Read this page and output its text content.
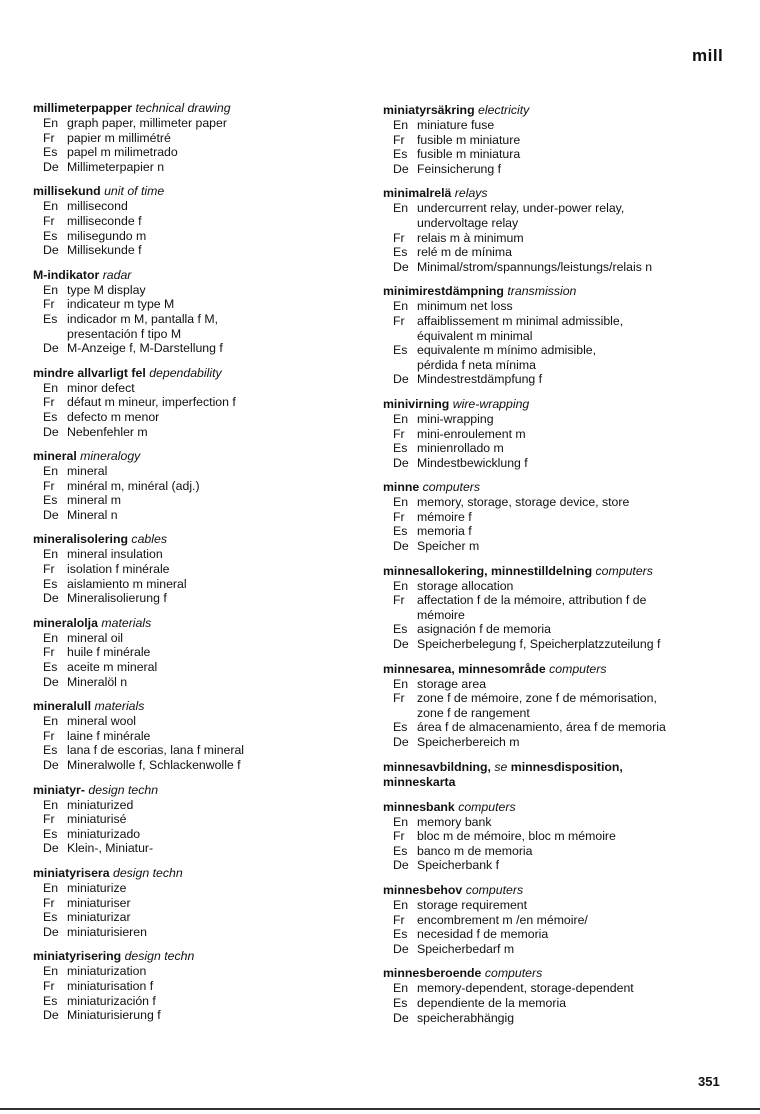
mill
millimeterpapper technical drawing
En graph paper, millimeter paper
Fr	papier m millimétré
Es papel m milimetrado
De Millimeterpapier n
millisekund unit of time
En millisecond
Fr	milliseconde f
Es milisegundo m
De Millisekunde f
M-indikator radar
En type M display
Fr	indicateur m type M
Es indicador m M, pantalla f M,
presentación f tipo M
De M-Anzeige f, M-Darstellung f
mindre allvarligt fel dependability
En minor defect
Fr	défaut m mineur, imperfection f
Es defecto m menor
De Nebenfehler m
mineral mineralogy
En mineral
Fr	minéral m, minéral (adj.)
Es mineral m
De Mineral n
mineralisolering cables
En mineral insulation
Fr	isolation f minérale
Es aislamiento m mineral
De Mineralisolierung f
mineralolja materials
En mineral oil
Fr	huile f minérale
Es aceite m mineral
De Mineralöl n
mineralull materials
En mineral wool
Fr	laine f minérale
Es lana f de escorias, lana f mineral
De Mineralwolle f, Schlackenwolle f
miniatyr- design techn
En miniaturized
Fr	miniaturisé
Es miniaturizado
De Klein-, Miniatur-
miniatyrisera design techn
En miniaturize
Fr	miniaturiser
Es miniaturizar
De miniaturisieren
miniatyrisering design techn
En miniaturization
Fr	miniaturisation f
Es miniaturización f
De Miniaturisierung f
miniatyrsäkring electricity
En miniature fuse
Fr	fusible m miniature
Es fusible m miniatura
De Feinsicherung f
minimalrelä relays
En undercurrent relay, under-power relay,
undervoltage relay
Fr	relais m à minimum
Es relé m de mínima
De Minimal/strom/spannungs/leistungs/relais n
minimirestdämpning transmission
En minimum net loss
Fr	affaiblissement m minimal admissible,
équivalent m minimal
Es equivalente m mínimo admisible,
pérdida f neta mínima
De Mindestrestdämpfung f
minivirning wire-wrapping
En mini-wrapping
Fr	mini-enroulement m
Es minienrollado m
De Mindestbewicklung f
minne computers
En memory, storage, storage device, store
Fr	mémoire f
Es memoria f
De Speicher m
minnesallokering, minnestilldelning computers
En storage allocation
Fr	affectation f de la mémoire, attribution f de
mémoire
Es asignación f de memoria
De Speicherbelegung f, Speicherplatzzuteilung f
minnesarea, minnesområde computers
En storage area
Fr	zone f de mémoire, zone f de mémorisation,
zone f de rangement
Es área f de almacenamiento, área f de memoria
De Speicherbereich m
minnesavbildning, se minnesdisposition,
minneskarta
minnesbank computers
En memory bank
Fr	bloc m de mémoire, bloc m mémoire
Es banco m de memoria
De Speicherbank f
minnesbehov computers
En storage requirement
Fr	encombrement m /en mémoire/
Es necesidad f de memoria
De Speicherbedarf m
minnesberoende computers
En memory-dependent, storage-dependent
Es dependiente de la memoria
De speicherabhängig
351
